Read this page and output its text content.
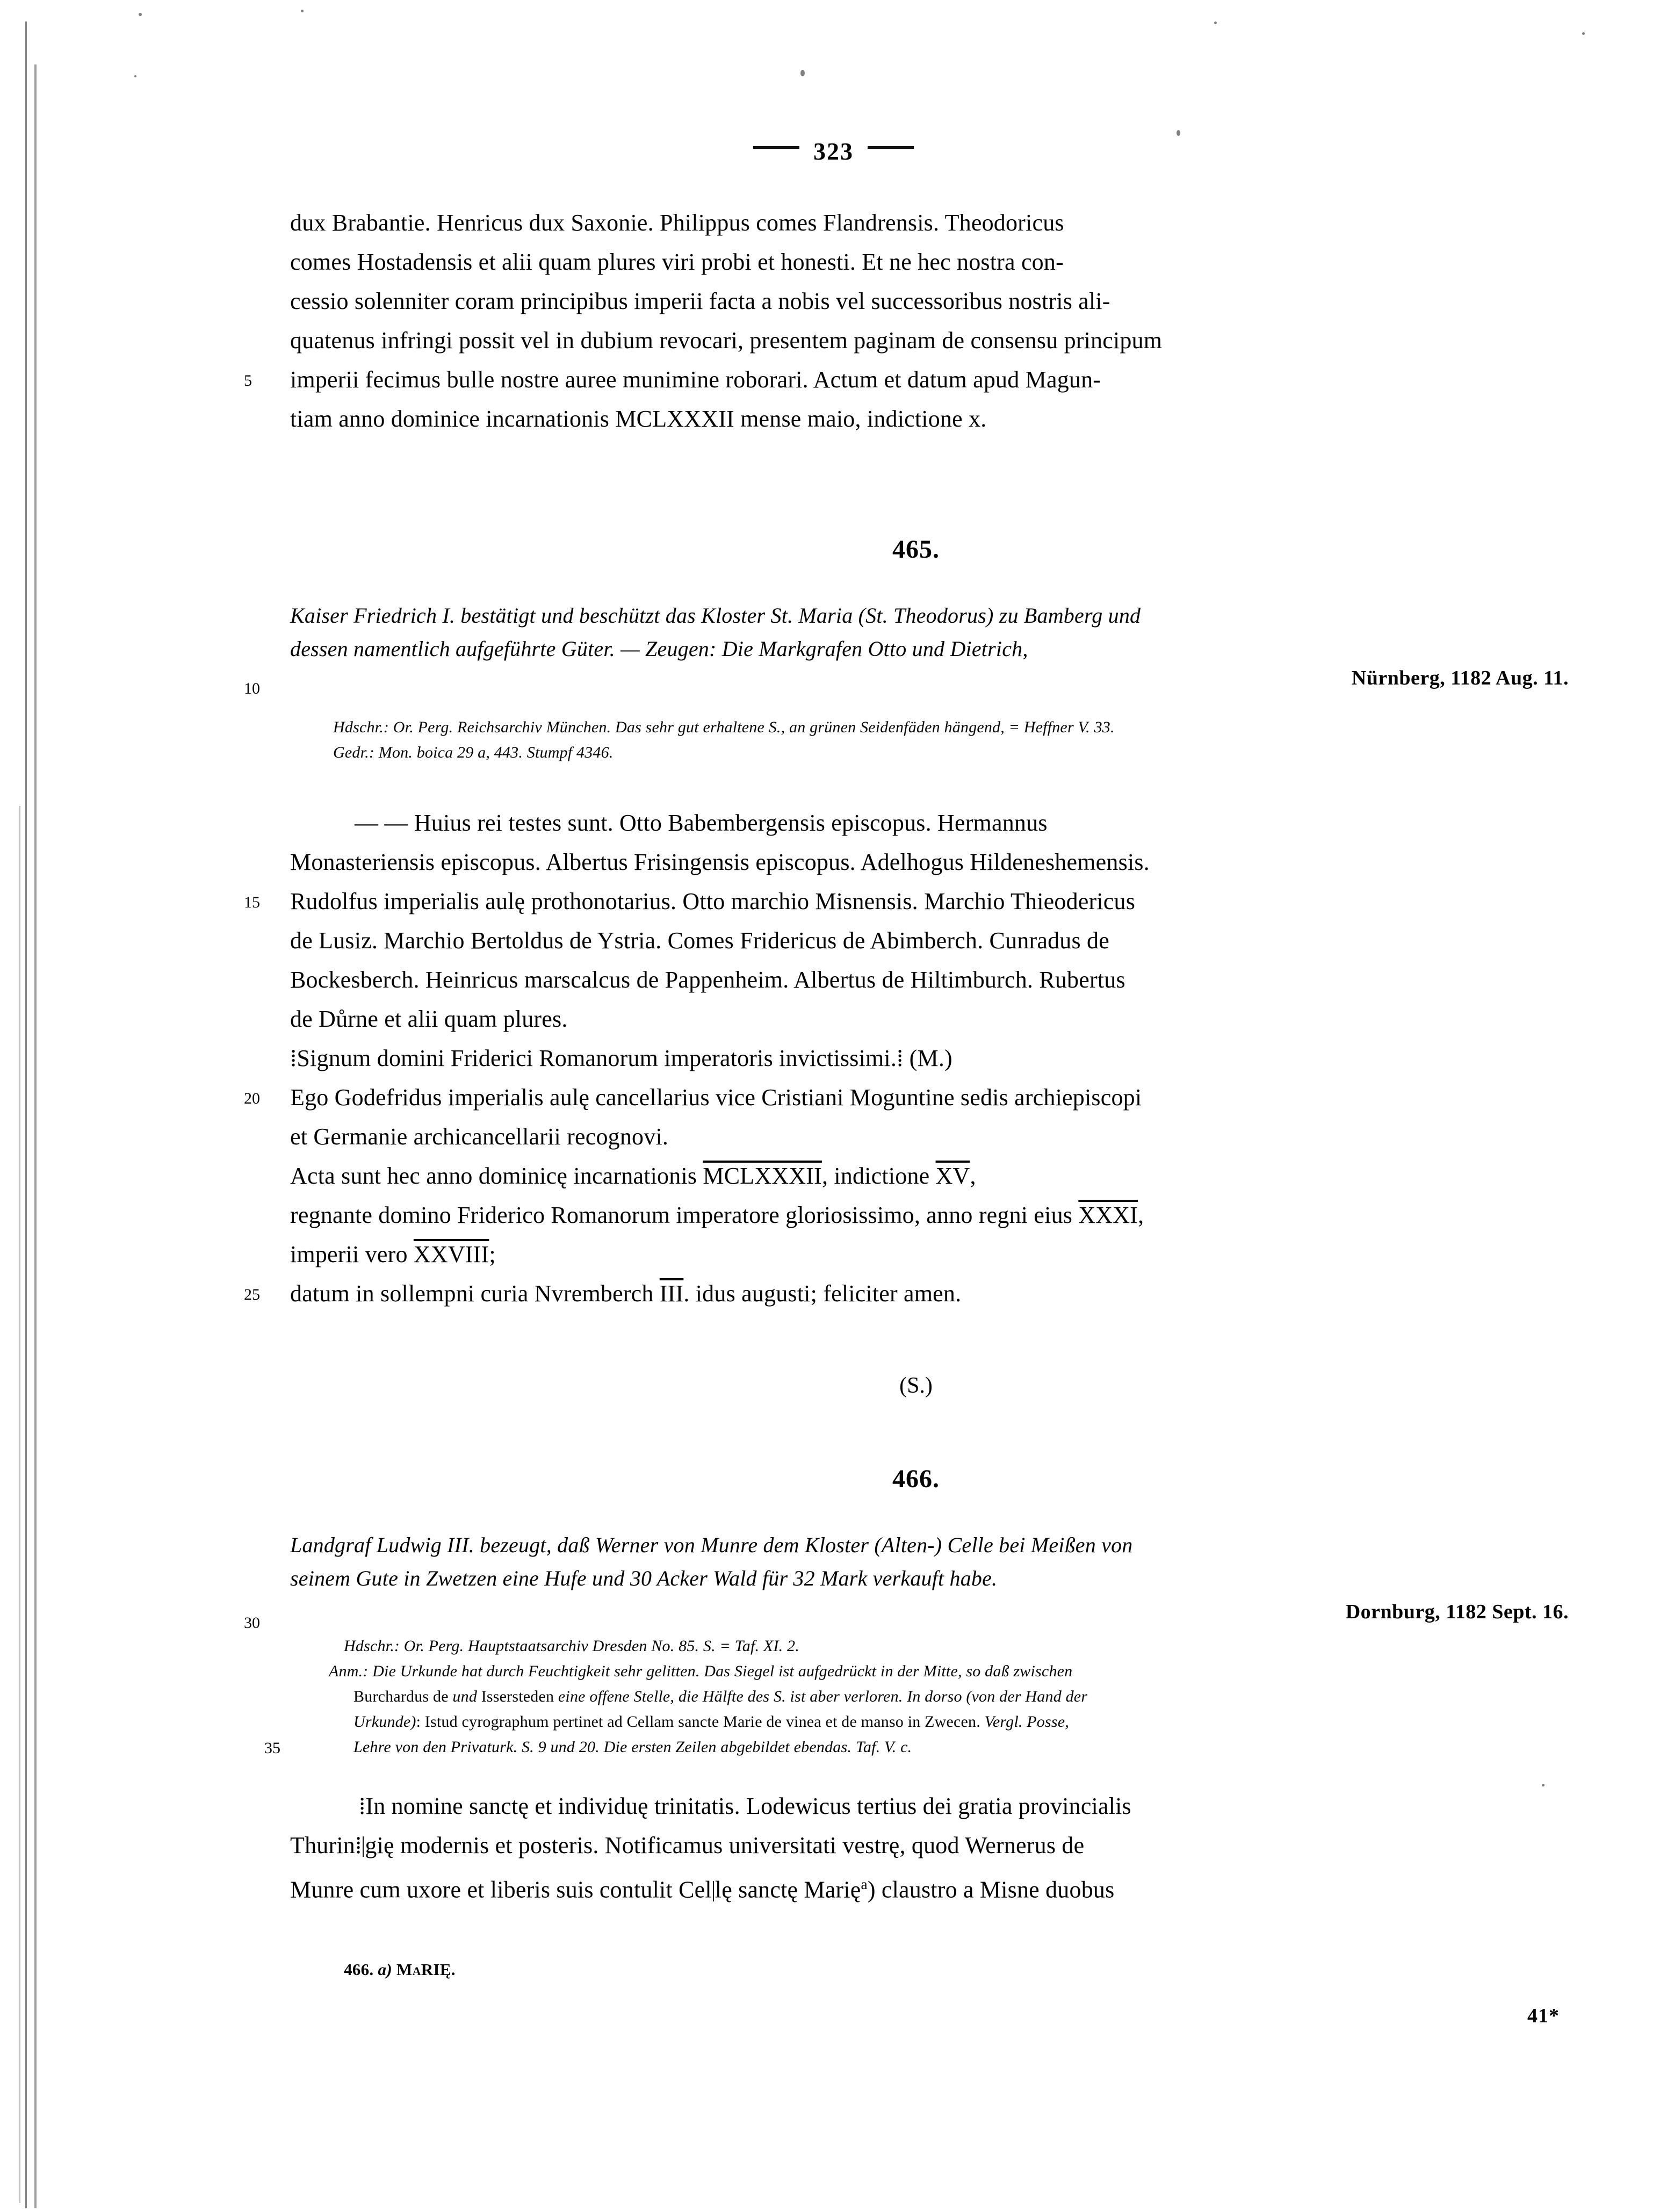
323
dux Brabantie. Henricus dux Saxonie. Philippus comes Flandrensis. Theodoricus
comes Hostadensis et alii quam plures viri probi et honesti. Et ne hec nostra con-
cessio solenniter coram principibus imperii facta a nobis vel successoribus nostris ali-
quatenus infringi possit vel in dubium revocari, presentem paginam de consensu principum
5 imperii fecimus bulle nostre auree munimine roborari. Actum et datum apud Magun-
tiam anno dominice incarnationis MCLXXXII mense maio, indictione x.
465.
Kaiser Friedrich I. bestätigt und beschützt das Kloster St. Maria (St. Theodorus) zu Bamberg und
dessen namentlich aufgeführte Güter. — Zeugen: Die Markgrafen Otto und Dietrich,
Nürnberg, 1182 Aug. 11.
10
Hdschr.: Or. Perg. Reichsarchiv München. Das sehr gut erhaltene S., an grünen Seidenfäden hängend, = Heffner V. 33.
Gedr.: Mon. boica 29 a, 443. Stumpf 4346.
— — Huius rei testes sunt. Otto Babembergensis episcopus. Hermannus
Monasteriensis episcopus. Albertus Frisingensis episcopus. Adelhogus Hildeneshemensis.
15 Rudolfus imperialis aulę prothonotarius. Otto marchio Misnensis. Marchio Thieodericus
de Lusiz. Marchio Bertoldus de Ystria. Comes Fridericus de Abimberch. Cunradus de
Bockesberch. Heinricus marscalcus de Pappenheim. Albertus de Hiltimburch. Rubertus
de Důrne et alii quam plures.
⁞Signum domini Friderici Romanorum imperatoris invictissimi.⁞ (M.)
20 Ego Godefridus imperialis aulę cancellarius vice Cristiani Moguntine sedis archiepiscopi
et Germanie archicancellarii recognovi.
Acta sunt hec anno dominicę incarnationis MCLXXXII, indictione $\overline{XV}$,
regnante domino Friderico Romanorum imperatore gloriosissimo, anno regni eius XXXI,
imperii vero XXVIII;
25 datum in sollempni curia Nvremberch $\overline{III}$. idus augusti; feliciter amen.
(S.)
466.
Landgraf Ludwig III. bezeugt, daß Werner von Munre dem Kloster (Alten-) Celle bei Meißen von
seinem Gute in Zwetzen eine Hufe und 30 Acker Wald für 32 Mark verkauft habe.
Dornburg, 1182 Sept. 16.
30
Hdschr.: Or. Perg. Hauptstaatsarchiv Dresden No. 85. S. = Taf. XI. 2.
Anm.: Die Urkunde hat durch Feuchtigkeit sehr gelitten. Das Siegel ist aufgedrückt in der Mitte, so daß zwischen
Burchardus de und Issersteden eine offene Stelle, die Hälfte des S. ist aber verloren. In dorso (von der Hand der
Urkunde): Istud cyrographum pertinet ad Cellam sancte Marie de vinea et de manso in Zwecen. Vergl. Posse,
35	Lehre von den Privaturk. S. 9 und 20. Die ersten Zeilen abgebildet ebendas. Taf. V. c.
⁞In nomine sanctę et individuę trinitatis. Lodewicus tertius dei gratia provincialis
Thurin⁞ gię modernis et posteris. Notificamus universitati vestrę, quod Wernerus de
Munre cum uxore et liberis suis contulit Cel lę sanctę Marię$^a$) claustro a Misne duobus
466. a) MaRIĘ.
41*
